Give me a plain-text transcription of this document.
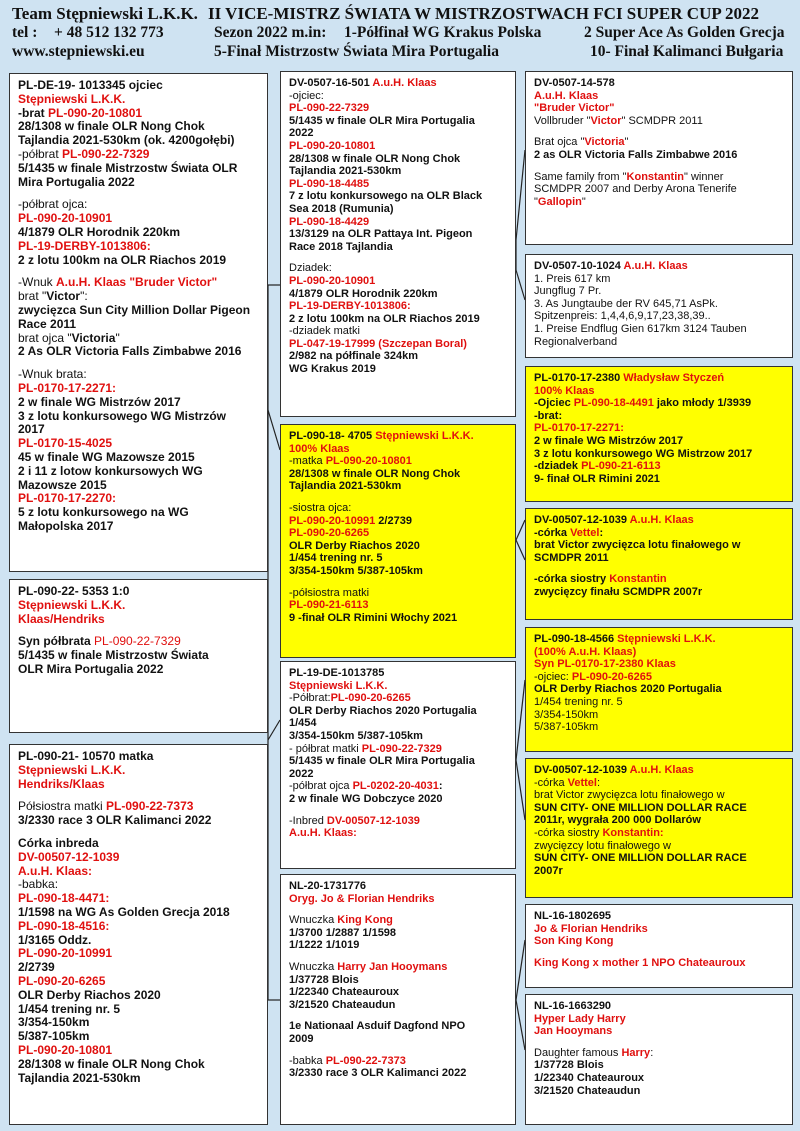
Team Stępniewski L.K.K. II VICE-MISTRZ ŚWIATA W MISTRZOSTWACH FCI SUPER CUP 2022
tel :	+ 48 512 132 773	Sezon 2022 m.in:	1-Półfinał WG Krakus Polska	2 Super Ace As Golden Grecja
www.stepniewski.eu	5-Finał Mistrzostw Świata Mira Portugalia	10- Finał Kalimanci Bułgaria
PL-DE-19- 1013345 ojciec
Stępniewski L.K.K.
-brat PL-090-20-10801
28/1308 w finale OLR Nong Chok
Tajlandia 2021-530km (ok. 4200gołębi)
-półbrat PL-090-22-7329
5/1435 w finale Mistrzostw Świata OLR
Mira Portugalia 2022
-półbrat ojca:
PL-090-20-10901
4/1879 OLR Horodnik 220km
PL-19-DERBY-1013806:
2 z lotu 100km na OLR Riachos 2019
-Wnuk A.u.H. Klaas "Bruder Victor"
brat "Victor":
zwycięzca Sun City Million Dollar Pigeon
Race 2011
brat ojca "Victoria"
2 As OLR Victoria Falls Zimbabwe 2016
-Wnuk brata:
PL-0170-17-2271:
2 w finale WG Mistrzów 2017
3 z lotu konkursowego WG Mistrzów
2017
PL-0170-15-4025
45 w finale WG Mazowsze 2015
2 i 11 z lotow konkursowych WG
Mazowsze 2015
PL-0170-17-2270:
5 z lotu konkursowego na WG
Małopolska 2017
PL-090-22- 5353 1:0
Stępniewski L.K.K.
Klaas/Hendriks
Syn półbrata PL-090-22-7329
5/1435 w finale Mistrzostw Świata
OLR Mira Portugalia 2022
PL-090-21- 10570 matka
Stępniewski L.K.K.
Hendriks/Klaas
Półsiostra matki PL-090-22-7373
3/2330 race 3 OLR Kalimanci 2022
Córka inbreda
DV-00507-12-1039
A.u.H. Klaas:
-babka:
PL-090-18-4471:
1/1598 na WG As Golden Grecja 2018
PL-090-18-4516:
1/3165 Oddz.
PL-090-20-10991
2/2739
PL-090-20-6265
OLR Derby Riachos 2020
1/454 trening nr. 5
3/354-150km
5/387-105km
PL-090-20-10801
28/1308 w finale OLR Nong Chok
Tajlandia 2021-530km
DV-0507-16-501 A.u.H. Klaas
-ojciec:
PL-090-22-7329
5/1435 w finale OLR Mira Portugalia
2022
PL-090-20-10801
28/1308 w finale OLR Nong Chok
Tajlandia 2021-530km
PL-090-18-4485
7 z lotu konkursowego na OLR Black
Sea 2018 (Rumunia)
PL-090-18-4429
13/3129 na OLR Pattaya Int. Pigeon
Race 2018 Tajlandia
Dziadek:
PL-090-20-10901
4/1879 OLR Horodnik 220km
PL-19-DERBY-1013806:
2 z lotu 100km na OLR Riachos 2019
-dziadek matki
PL-047-19-17999 (Szczepan Boral)
2/982 na półfinale 324km
WG Krakus 2019
PL-090-18- 4705 Stępniewski L.K.K.
100% Klaas
-matka PL-090-20-10801
28/1308 w finale OLR Nong Chok
Tajlandia 2021-530km
-siostra ojca:
PL-090-20-10991 2/2739
PL-090-20-6265
OLR Derby Riachos 2020
1/454 trening nr. 5
3/354-150km 5/387-105km
-półsiostra matki
PL-090-21-6113
9 -finał OLR Rimini Włochy 2021
PL-19-DE-1013785
Stępniewski L.K.K.
-Półbrat:PL-090-20-6265
OLR Derby Riachos 2020 Portugalia
1/454
3/354-150km 5/387-105km
- półbrat matki PL-090-22-7329
5/1435 w finale OLR Mira Portugalia
2022
-półbrat ojca PL-0202-20-4031:
2 w finale WG Dobczyce 2020
-Inbred DV-00507-12-1039
A.u.H. Klaas:
NL-20-1731776
Oryg. Jo & Florian Hendriks
Wnuczka King Kong
1/3700 1/2887 1/1598
1/1222 1/1019
Wnuczka Harry Jan Hooymans
1/37728 Blois
1/22340 Chateauroux
3/21520 Chateaudun
1e Nationaal Asduif Dagfond NPO
2009
-babka PL-090-22-7373
3/2330 race 3 OLR Kalimanci 2022
DV-0507-14-578
A.u.H. Klaas
"Bruder Victor"
Vollbruder "Victor" SCMDPR 2011
Brat ojca "Victoria"
2 as OLR Victoria Falls Zimbabwe 2016
Same family from "Konstantin" winner
SCMDPR 2007 and Derby Arona Tenerife
"Gallopin"
DV-0507-10-1024 A.u.H. Klaas
1. Preis 617 km
Jungflug 7 Pr.
3. As Jungtaube der RV 645,71 AsPk.
Spitzenpreis: 1,4,4,6,9,17,23,38,39..
1. Preise Endflug Gien 617km 3124 Tauben
Regionalverband
PL-0170-17-2380 Władysław Styczeń
100% Klaas
-Ojciec PL-090-18-4491 jako młody 1/3939
-brat:
PL-0170-17-2271:
2 w finale WG Mistrzów 2017
3 z lotu konkursowego WG Mistrzow 2017
-dziadek PL-090-21-6113
9- finał OLR Rimini 2021
DV-00507-12-1039 A.u.H. Klaas
-córka Vettel:
brat Victor zwycięzca lotu finałowego w
SCMDPR 2011
-córka siostry Konstantin
zwycięzcy finału SCMDPR 2007r
PL-090-18-4566 Stępniewski L.K.K.
(100% A.u.H. Klaas)
Syn PL-0170-17-2380 Klaas
-ojciec: PL-090-20-6265
OLR Derby Riachos 2020 Portugalia
1/454 trening nr. 5
3/354-150km
5/387-105km
DV-00507-12-1039 A.u.H. Klaas
-córka Vettel:
brat Victor zwycięzca lotu finałowego w
SUN CITY- ONE MILLION DOLLAR RACE
2011r, wygrała 200 000 Dollarów
-córka siostry Konstantin:
zwycięzcy lotu finałowego w
SUN CITY- ONE MILLION DOLLAR RACE
2007r
NL-16-1802695
Jo & Florian Hendriks
Son King Kong
King Kong x mother 1 NPO Chateauroux
NL-16-1663290
Hyper Lady Harry
Jan Hooymans
Daughter famous Harry:
1/37728 Blois
1/22340 Chateauroux
3/21520 Chateaudun
